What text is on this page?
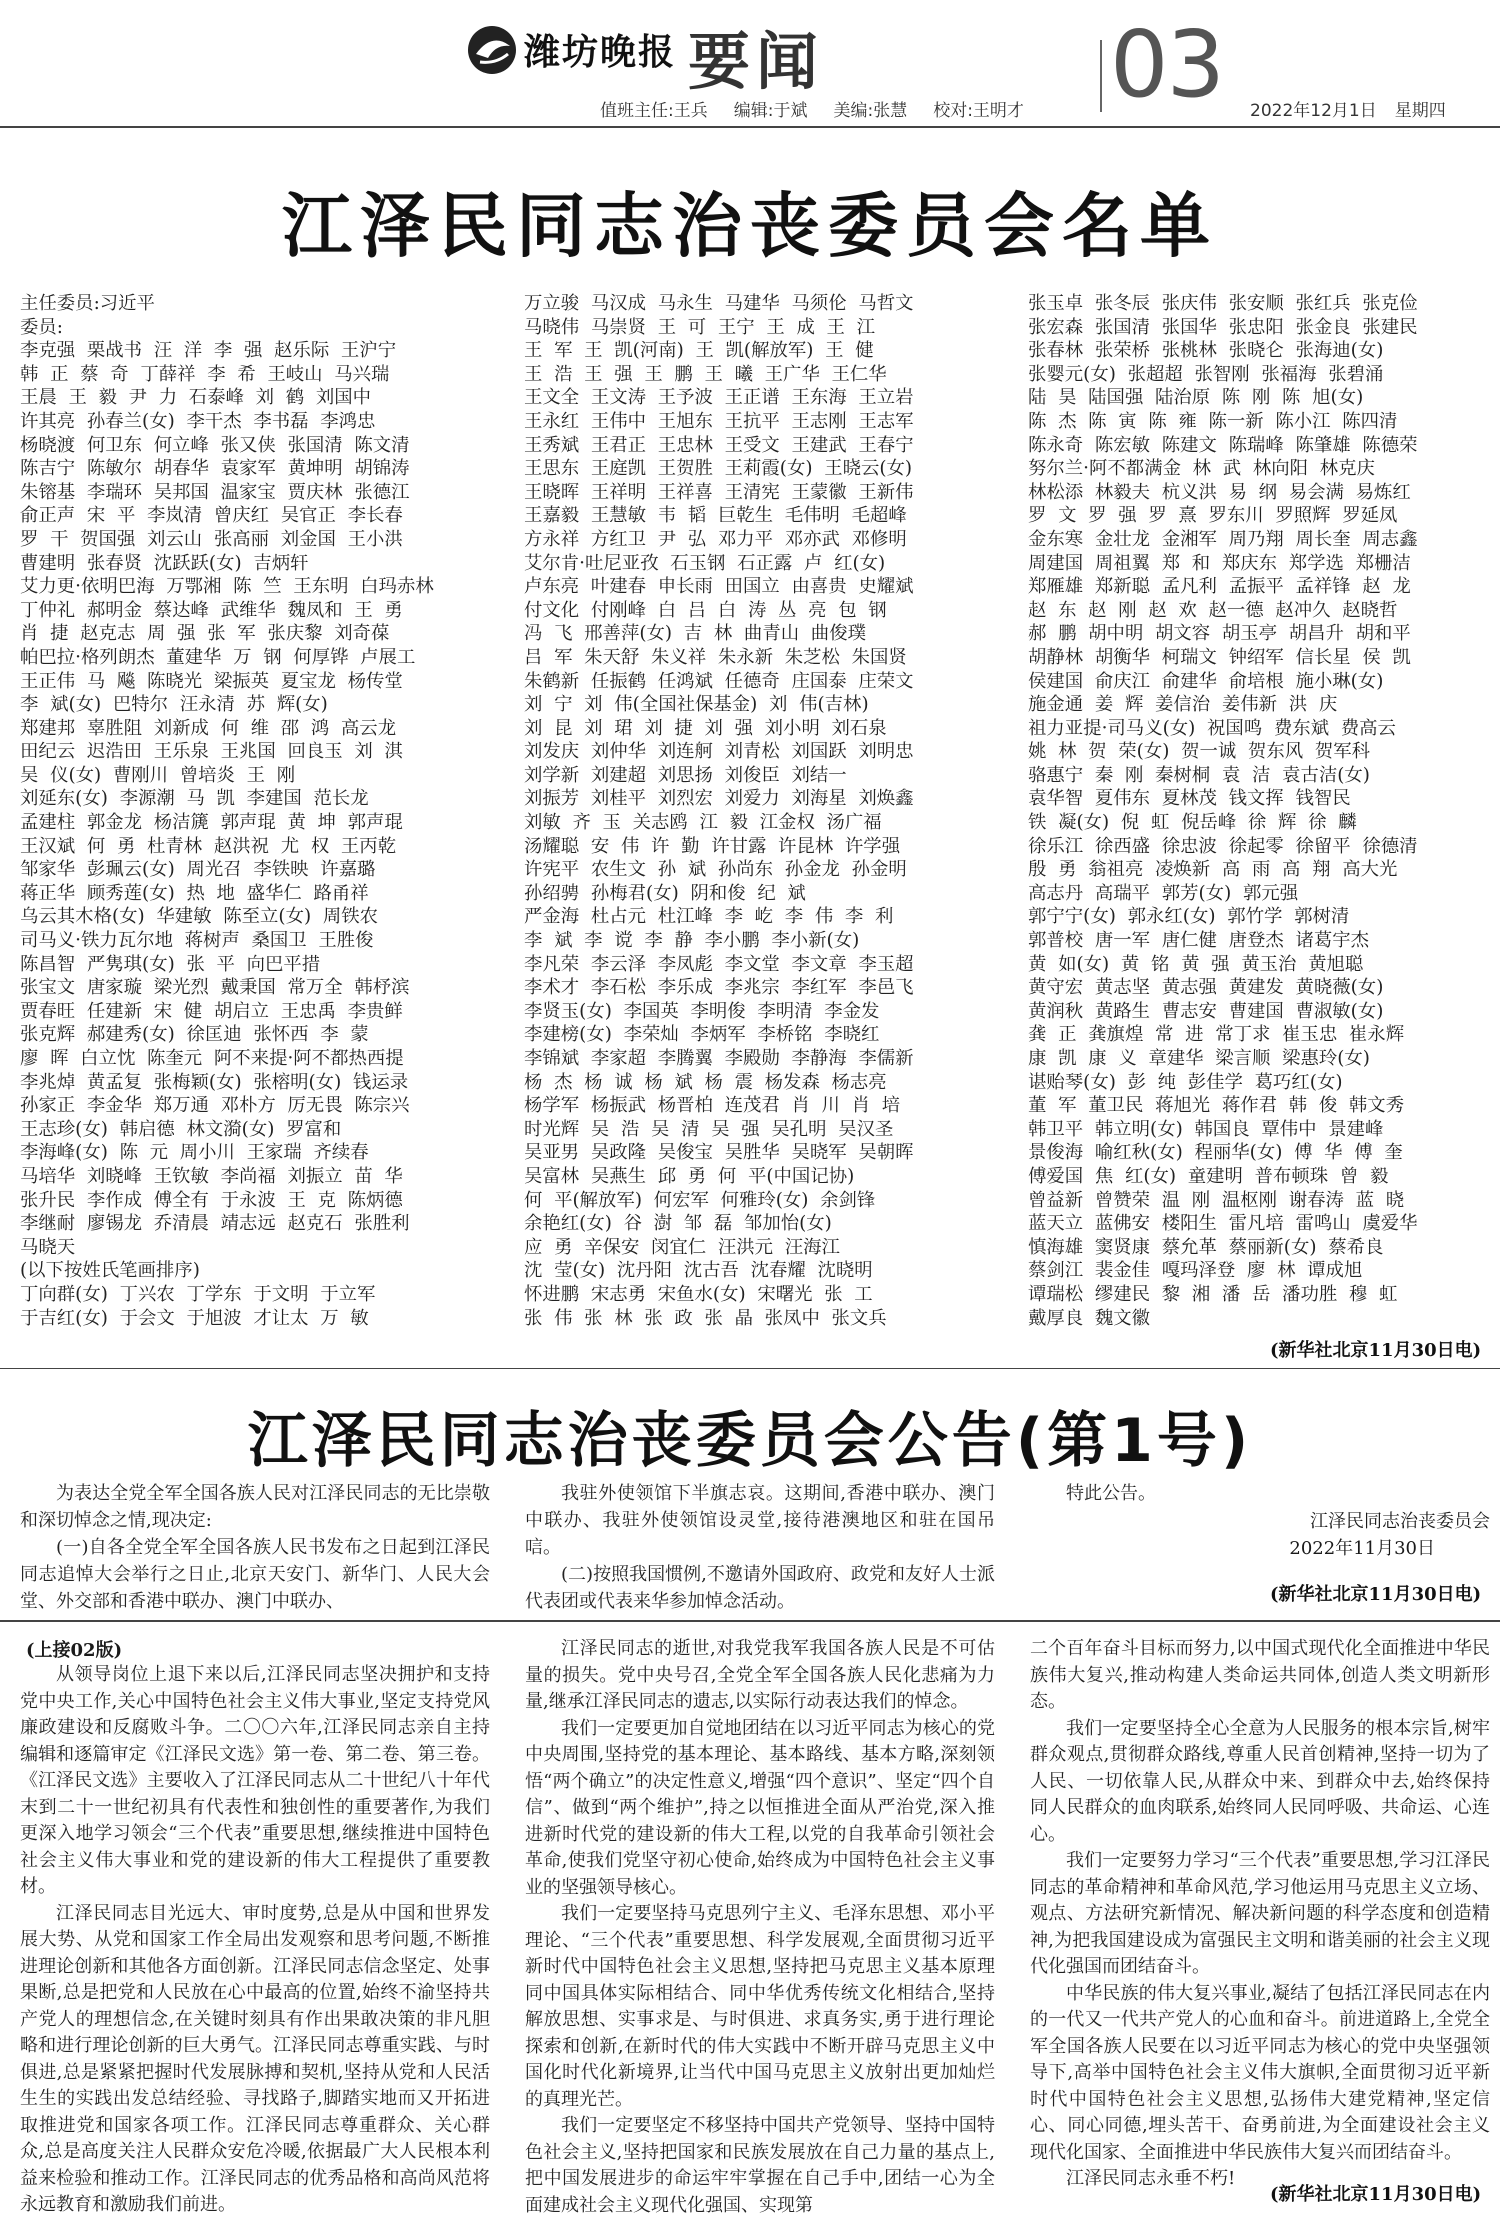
潍坊晚报 要闻	03
值班主任:王兵 编辑:于斌 美编:张慧 校对:王明才	2022年12月1日 星期四
江泽民同志治丧委员会名单
主任委员:习近平
委员:
李克强  栗战书  汪  洋  李  强  赵乐际  王沪宁
韩  正  蔡  奇  丁薛祥  李  希  王岐山  马兴瑞
王晨  王  毅  尹  力  石泰峰  刘  鹤  刘国中
许其亮  孙春兰(女)  李干杰  李书磊  李鸿忠
杨晓渡  何卫东  何立峰  张又侠  张国清  陈文清
陈吉宁  陈敏尔  胡春华  袁家军  黄坤明  胡锦涛
朱镕基  李瑞环  吴邦国  温家宝  贾庆林  张德江
俞正声  宋  平  李岚清  曾庆红  吴官正  李长春
罗  干  贺国强  刘云山  张高丽  刘金国  王小洪
曹建明  张春贤  沈跃跃(女)  吉炳轩
艾力更·依明巴海  万鄂湘  陈  竺  王东明  白玛赤林
丁仲礼  郝明金  蔡达峰  武维华  魏凤和  王  勇
肖  捷  赵克志  周  强  张  军  张庆黎  刘奇葆
帕巴拉·格列朗杰  董建华  万  钢  何厚铧  卢展工
王正伟  马  飚  陈晓光  梁振英  夏宝龙  杨传堂
李  斌(女)  巴特尔  汪永清  苏  辉(女)
郑建邦  辜胜阻  刘新成  何  维  邵  鸿  高云龙
田纪云  迟浩田  王乐泉  王兆国  回良玉  刘  淇
吴  仪(女)  曹刚川  曾培炎  王  刚
刘延东(女)  李源潮  马  凯  李建国  范长龙
孟建柱  郭金龙  杨洁篪  郭声琨  黄  坤  郭声琨
王汉斌  何  勇  杜青林  赵洪祝  尤  权  王丙乾
邹家华  彭珮云(女)  周光召  李铁映  许嘉璐
蒋正华  顾秀莲(女)  热  地  盛华仁  路甬祥
乌云其木格(女)  华建敏  陈至立(女)  周铁农
司马义·铁力瓦尔地  蒋树声  桑国卫  王胜俊
陈昌智  严隽琪(女)  张  平  向巴平措
张宝文  唐家璇  梁光烈  戴秉国  常万全  韩杼滨
贾春旺  任建新  宋  健  胡启立  王忠禹  李贵鲜
张克辉  郝建秀(女)  徐匡迪  张怀西  李  蒙
廖  晖  白立忱  陈奎元  阿不来提·阿不都热西提
李兆焯  黄孟复  张梅颖(女)  张榕明(女)  钱运录
孙家正  李金华  郑万通  邓朴方  厉无畏  陈宗兴
王志珍(女)  韩启德  林文漪(女)  罗富和
李海峰(女)  陈  元  周小川  王家瑞  齐续春
马培华  刘晓峰  王钦敏  李尚福  刘振立  苗  华
张升民  李作成  傅全有  于永波  王  克  陈炳德
李继耐  廖锡龙  乔清晨  靖志远  赵克石  张胜利
马晓天
(以下按姓氏笔画排序)
丁向群(女)  丁兴农  丁学东  于文明  于立军
于吉红(女)  于会文  于旭波  才让太  万  敏
万立骏  马汉成  马永生  马建华  马须伦  马哲文
马晓伟  马崇贤  王  可  王宁  王  成  王  江
王  军  王  凯(河南)  王  凯(解放军)  王  健
王  浩  王  强  王  鹏  王  曦  王广华  王仁华
王文全  王文涛  王予波  王正谱  王东海  王立岩
王永红  王伟中  王旭东  王抗平  王志刚  王志军
王秀斌  王君正  王忠林  王受文  王建武  王春宁
王思东  王庭凯  王贺胜  王莉霞(女)  王晓云(女)
王晓晖  王祥明  王祥喜  王清宪  王蒙徽  王新伟
王嘉毅  王慧敏  韦  韬  巨乾生  毛伟明  毛超峰
方永祥  方红卫  尹  弘  邓力平  邓亦武  邓修明
艾尔肯·吐尼亚孜  石玉钢  石正露  卢  红(女)
卢东亮  叶建春  申长雨  田国立  由喜贵  史耀斌
付文化  付刚峰  白  吕  白  涛  丛  亮  包  钢
冯  飞  邢善萍(女)  吉  林  曲青山  曲俊璞
吕  军  朱天舒  朱义祥  朱永新  朱芝松  朱国贤
朱鹤新  任振鹤  任鸿斌  任德奇  庄国泰  庄荣文
刘  宁  刘  伟(全国社保基金)  刘  伟(吉林)
刘  昆  刘  珺  刘  捷  刘  强  刘小明  刘石泉
刘发庆  刘仲华  刘连舸  刘青松  刘国跃  刘明忠
刘学新  刘建超  刘思扬  刘俊臣  刘结一
刘振芳  刘桂平  刘烈宏  刘爱力  刘海星  刘焕鑫
刘敏  齐  玉  关志鸥  江  毅  江金权  汤广福
汤耀聪  安  伟  许  勤  许甘露  许昆林  许学强
许宪平  农生文  孙  斌  孙尚东  孙金龙  孙金明
孙绍骋  孙梅君(女)  阴和俊  纪  斌
严金海  杜占元  杜江峰  李  屹  李  伟  李  利
李  斌  李  谠  李  静  李小鹏  李小新(女)
李凡荣  李云泽  李凤彪  李文堂  李文章  李玉超
李术才  李石松  李乐成  李兆宗  李红军  李邑飞
李贤玉(女)  李国英  李明俊  李明清  李金发
李建榜(女)  李荣灿  李炳军  李桥铭  李晓红
李锦斌  李家超  李腾翼  李殿勋  李静海  李儒新
杨  杰  杨  诚  杨  斌  杨  震  杨发森  杨志亮
杨学军  杨振武  杨晋柏  连茂君  肖  川  肖  培
时光辉  吴  浩  吴  清  吴  强  吴孔明  吴汉圣
吴亚男  吴政隆  吴俊宝  吴胜华  吴晓军  吴朝晖
吴富林  吴燕生  邱  勇  何  平(中国记协)
何  平(解放军)  何宏军  何雅玲(女)  余剑锋
余艳红(女)  谷  澍  邹  磊  邹加怡(女)
应  勇  辛保安  闵宜仁  汪洪元  汪海江
沈  莹(女)  沈丹阳  沈古吾  沈春耀  沈晓明
怀进鹏  宋志勇  宋鱼水(女)  宋曙光  张  工
张  伟  张  林  张  政  张  晶  张凤中  张文兵
张玉卓  张冬辰  张庆伟  张安顺  张红兵  张克俭
张宏森  张国清  张国华  张忠阳  张金良  张建民
张春林  张荣桥  张桃林  张晓仑  张海迪(女)
张婴元(女)  张超超  张智刚  张福海  张碧涌
陆  昊  陆国强  陆治原  陈  刚  陈  旭(女)
陈  杰  陈  寅  陈  雍  陈一新  陈小江  陈四清
陈永奇  陈宏敏  陈建文  陈瑞峰  陈肇雄  陈德荣
努尔兰·阿不都满金  林  武  林向阳  林克庆
林松添  林毅夫  杭义洪  易  纲  易会满  易炼红
罗  文  罗  强  罗  熹  罗东川  罗照辉  罗延凤
金东寒  金壮龙  金湘军  周乃翔  周长奎  周志鑫
周建国  周祖翼  郑  和  郑庆东  郑学选  郑栅洁
郑雁雄  郑新聪  孟凡利  孟振平  孟祥锋  赵  龙
赵  东  赵  刚  赵  欢  赵一德  赵冲久  赵晓哲
郝  鹏  胡中明  胡文容  胡玉亭  胡昌升  胡和平
胡静林  胡衡华  柯瑞文  钟绍军  信长星  侯  凯
侯建国  俞庆江  俞建华  俞培根  施小琳(女)
施金通  姜  辉  姜信治  姜伟新  洪  庆
祖力亚提·司马义(女)  祝国鸣  费东斌  费高云
姚  林  贺  荣(女)  贺一诚  贺东风  贺军科
骆惠宁  秦  刚  秦树桐  袁  洁  袁古洁(女)
袁华智  夏伟东  夏林茂  钱文挥  钱智民
铁  凝(女)  倪  虹  倪岳峰  徐  辉  徐  麟
徐乐江  徐西盛  徐忠波  徐起零  徐留平  徐德清
殷  勇  翁祖亮  凌焕新  高  雨  高  翔  高大光
高志丹  高瑞平  郭芳(女)  郭元强
郭宁宁(女)  郭永红(女)  郭竹学  郭树清
郭普校  唐一军  唐仁健  唐登杰  诸葛宇杰
黄  如(女)  黄  铭  黄  强  黄玉治  黄旭聪
黄守宏  黄志坚  黄志强  黄建发  黄晓薇(女)
黄润秋  黄路生  曹志安  曹建国  曹淑敏(女)
龚  正  龚旗煌  常  进  常丁求  崔玉忠  崔永辉
康  凯  康  义  章建华  梁言顺  梁惠玲(女)
谌贻琴(女)  彭  纯  彭佳学  葛巧红(女)
董  军  董卫民  蒋旭光  蒋作君  韩  俊  韩文秀
韩卫平  韩立明(女)  韩国良  覃伟中  景建峰
景俊海  喻红秋(女)  程丽华(女)  傅  华  傅  奎
傅爱国  焦  红(女)  童建明  普布顿珠  曾  毅
曾益新  曾赞荣  温  刚  温枢刚  谢春涛  蓝  晓
蓝天立  蓝佛安  楼阳生  雷凡培  雷鸣山  虞爱华
慎海雄  窦贤康  蔡允革  蔡丽新(女)  蔡希良
蔡剑江  裴金佳  嘎玛泽登  廖  林  谭成旭
谭瑞松  缪建民  黎  湘  潘  岳  潘功胜  穆  虹
戴厚良  魏文徽
(新华社北京11月30日电)
江泽民同志治丧委员会公告(第1号)

为表达全党全军全国各族人民对江泽民同志的无比崇敬和深切悼念之情,现决定:

(一)自各全党全军全国各族人民书发布之日起到江泽民同志追悼大会举行之日止,北京天安门、新华门、人民大会堂、外交部和香港中联办、澳门中联办、

我驻外使领馆下半旗志哀。这期间,香港中联办、澳门中联办、我驻外使领馆设灵堂,接待港澳地区和驻在国吊唁。

(二)按照我国惯例,不邀请外国政府、政党和友好人士派代表团或代表来华参加悼念活动。

特此公告。

江泽民同志治丧委员会
2022年11月30日
(新华社北京11月30日电)
(上接02版)

从领导岗位上退下来以后,江泽民同志坚决拥护和支持党中央工作,关心中国特色社会主义伟大事业,坚定支持党风廉政建设和反腐败斗争。二〇〇六年,江泽民同志亲自主持编辑和逐篇审定《江泽民文选》第一卷、第二卷、第三卷。《江泽民文选》主要收入了江泽民同志从二十世纪八十年代末到二十一世纪初具有代表性和独创性的重要著作,为我们更深入地学习领会“三个代表”重要思想,继续推进中国特色社会主义伟大事业和党的建设新的伟大工程提供了重要教材。

江泽民同志目光远大、审时度势,总是从中国和世界发展大势、从党和国家工作全局出发观察和思考问题,不断推进理论创新和其他各方面创新。江泽民同志信念坚定、处事果断,总是把党和人民放在心中最高的位置,始终不渝坚持共产党人的理想信念,在关键时刻具有作出果敢决策的非凡胆略和进行理论创新的巨大勇气。江泽民同志尊重实践、与时俱进,总是紧紧把握时代发展脉搏和契机,坚持从党和人民活生生的实践出发总结经验、寻找路子,脚踏实地而又开拓进取推进党和国家各项工作。江泽民同志尊重群众、关心群众,总是高度关注人民群众安危冷暖,依据最广大人民根本利益来检验和推动工作。江泽民同志的优秀品格和高尚风范将永远教育和激励我们前进。

江泽民同志的逝世,对我党我军我国各族人民是不可估量的损失。党中央号召,全党全军全国各族人民化悲痛为力量,继承江泽民同志的遗志,以实际行动表达我们的悼念。

我们一定要更加自觉地团结在以习近平同志为核心的党中央周围,坚持党的基本理论、基本路线、基本方略,深刻领悟“两个确立”的决定性意义,增强“四个意识”、坚定“四个自信”、做到“两个维护”,持之以恒推进全面从严治党,深入推进新时代党的建设新的伟大工程,以党的自我革命引领社会革命,使我们党坚守初心使命,始终成为中国特色社会主义事业的坚强领导核心。

我们一定要坚持马克思列宁主义、毛泽东思想、邓小平理论、“三个代表”重要思想、科学发展观,全面贯彻习近平新时代中国特色社会主义思想,坚持把马克思主义基本原理同中国具体实际相结合、同中华优秀传统文化相结合,坚持解放思想、实事求是、与时俱进、求真务实,勇于进行理论探索和创新,在新时代的伟大实践中不断开辟马克思主义中国化时代化新境界,让当代中国马克思主义放射出更加灿烂的真理光芒。

我们一定要坚定不移坚持中国共产党领导、坚持中国特色社会主义,坚持把国家和民族发展放在自己力量的基点上,把中国发展进步的命运牢牢掌握在自己手中,团结一心为全面建成社会主义现代化强国、实现第

二个百年奋斗目标而努力,以中国式现代化全面推进中华民族伟大复兴,推动构建人类命运共同体,创造人类文明新形态。

我们一定要坚持全心全意为人民服务的根本宗旨,树牢群众观点,贯彻群众路线,尊重人民首创精神,坚持一切为了人民、一切依靠人民,从群众中来、到群众中去,始终保持同人民群众的血肉联系,始终同人民同呼吸、共命运、心连心。

我们一定要努力学习“三个代表”重要思想,学习江泽民同志的革命精神和革命风范,学习他运用马克思主义立场、观点、方法研究新情况、解决新问题的科学态度和创造精神,为把我国建设成为富强民主文明和谐美丽的社会主义现代化强国而团结奋斗。

中华民族的伟大复兴事业,凝结了包括江泽民同志在内的一代又一代共产党人的心血和奋斗。前进道路上,全党全军全国各族人民要在以习近平同志为核心的党中央坚强领导下,高举中国特色社会主义伟大旗帜,全面贯彻习近平新时代中国特色社会主义思想,弘扬伟大建党精神,坚定信心、同心同德,埋头苦干、奋勇前进,为全面建设社会主义现代化国家、全面推进中华民族伟大复兴而团结奋斗。

江泽民同志永垂不朽!

(新华社北京11月30日电)
